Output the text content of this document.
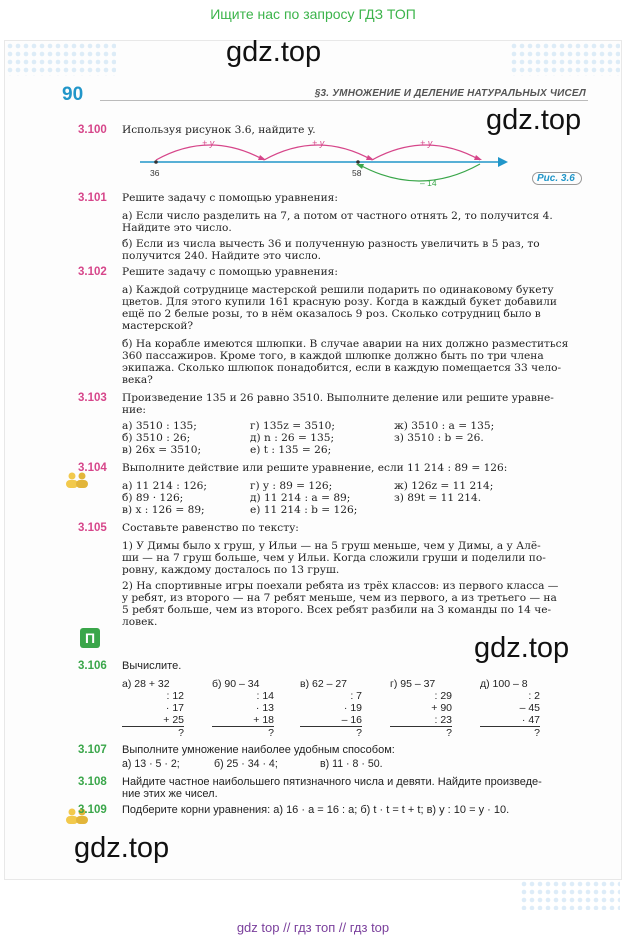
Ищите нас по запросу ГДЗ ТОП
gdz.top
gdz.top
gdz.top
gdz.top
90	§3. УМНОЖЕНИЕ И ДЕЛЕНИЕ НАТУРАЛЬНЫХ ЧИСЕЛ
3.100 Используя рисунок 3.6, найдите y.
+ y	+ y	+ y
36	58
– 14	Рис. 3.6
3.101 Решите задачу с помощью уравнения:
а) Если число разделить на 7, а потом от частного отнять 2, то получится 4.
Найдите это число.
б) Если из числа вычесть 36 и полученную разность увеличить в 5 раз, то
получится 240. Найдите это число.
3.102 Решите задачу с помощью уравнения:
а) Каждой сотруднице мастерской решили подарить по одинаковому букету
цветов. Для этого купили 161 красную розу. Когда в каждый букет добавили
ещё по 2 белые розы, то в нём оказалось 9 роз. Сколько сотрудниц было в
мастерской?
б) На корабле имеются шлюпки. В случае аварии на них должно разместиться
360 пассажиров. Кроме того, в каждой шлюпке должно быть по три члена
экипажа. Сколько шлюпок понадобится, если в каждую помещается 33 чело-
века?
3.103 Произведение 135 и 26 равно 3510. Выполните деление или решите уравне-
ние:
а) 3510 : 135;	г) 135z = 3510;	ж) 3510 : a = 135;
б) 3510 : 26;	д) n : 26 = 135;	з) 3510 : b = 26.
в) 26x = 3510;	е) t : 135 = 26;
3.104 Выполните действие или решите уравнение, если 11 214 : 89 = 126:
а) 11 214 : 126;	г) y : 89 = 126;	ж) 126z = 11 214;
б) 89 · 126;	д) 11 214 : a = 89;	з) 89t = 11 214.
в) x : 126 = 89;	е) 11 214 : b = 126;
3.105 Составьте равенство по тексту:
1) У Димы было x груш, у Ильи — на 5 груш меньше, чем у Димы, а у Алё-
ши — на 7 груш больше, чем у Ильи. Когда сложили груши и поделили по-
ровну, каждому досталось по 13 груш.
2) На спортивные игры поехали ребята из трёх классов: из первого класса —
y ребят, из второго — на 7 ребят меньше, чем из первого, а из третьего — на
5 ребят больше, чем из второго. Всех ребят разбили на 3 команды по 14 че-
ловек.
П
3.106 Вычислите.
а) 28 + 32
: 12
· 17
+ 25
?
б) 90 – 34
: 14
· 13
+ 18
?
в) 62 – 27
: 7
· 19
– 16
?
г) 95 – 37
: 29
+ 90
: 23
?
д) 100 – 8
: 2
– 45
· 47
?
3.107 Выполните умножение наиболее удобным способом:
а) 13 · 5 · 2;	б) 25 · 34 · 4;	в) 11 · 8 · 50.
3.108 Найдите частное наибольшего пятизначного числа и девяти. Найдите произведе-
ние этих же чисел.
3.109 Подберите корни уравнения: а) 16 · a = 16 : a; б) t · t = t + t; в) y : 10 = y · 10.
gdz top // гдз топ // гдз top
